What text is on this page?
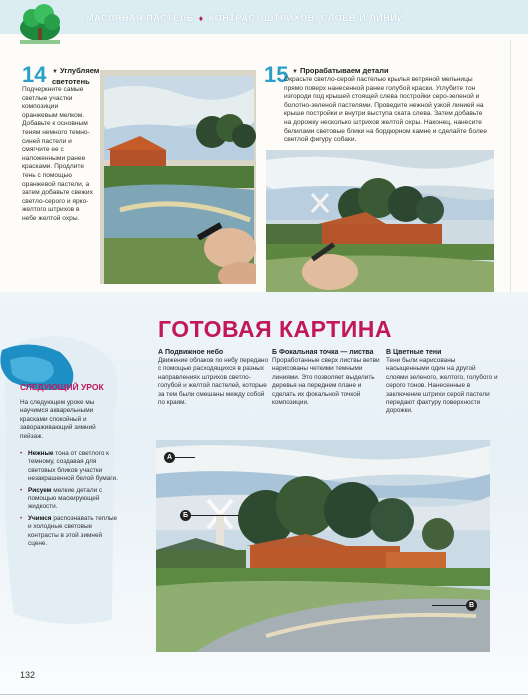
МАСЛЯНАЯ ПАСТЕЛЬ ♦ КОНТРАСТ ШТРИХОВ, СЛОЕВ И ЛИНИЙ
14 ▼ Углубляем светотень
Подчеркните самые светлые участки композиции оранжевым мелком. Добавьте к основным теням немного темно-синей пастели и смягчите ее с наложенными ранее красками. Продлите тень с помощью оранжевой пастели, а затем добавьте свежих светло-серого и ярко-желтого штрихов в небе желтой охры.
15 ▼ Прорабатываем детали
Окрасьте светло-серой пастелью крылья ветряной мельницы прямо поверх нанесенной ранее голубой краски. Углубите тон изгороди под крышей стоящей слева постройки серо-зеленой и болотно-зеленой пастелями. Проведите нежной узкой линией на крыше постройки и внутри выступа ската слева. Затем добавьте на дорожку несколько штрихов желтой охры. Наконец, нанесите белилами световые блики на бордюрном камне и сделайте более светлой фигуру собаки.
СЛЕДУЮЩИЙ УРОК
На следующем уроке мы научимся акварельными красками спокойный и завораживающий зимний пейзаж.
• Нежные тона от светлого к темному, создавая для световых бликов участки незакрашенной белой бумаги.
• Рисуем мелкие детали с помощью маскирующей жидкости.
• Учимся распознавать теплые и холодные световые контрасты в этой зимней сцене.
ГОТОВАЯ КАРТИНА
А Подвижное небо
Движение облаков по небу передано с помощью расходящихся в разных направлениях штрихов светло-голубой и желтой пастелей, которые за тем были смешаны между собой по краям.
Б Фокальная точка — листва
Проработанные сверх листвы ветви нарисованы четкими темными линиями. Это позволяет выделить деревья на переднем плане и сделать их фокальной точкой композиции.
В Цветные тени
Тени были нарисованы насыщенными один на другой слоями зеленого, желтого, голубого и серого тонов. Нанесенные в заключение штрихи серой пастели передают фактуру поверхности дорожки.
А
Б
В
132
